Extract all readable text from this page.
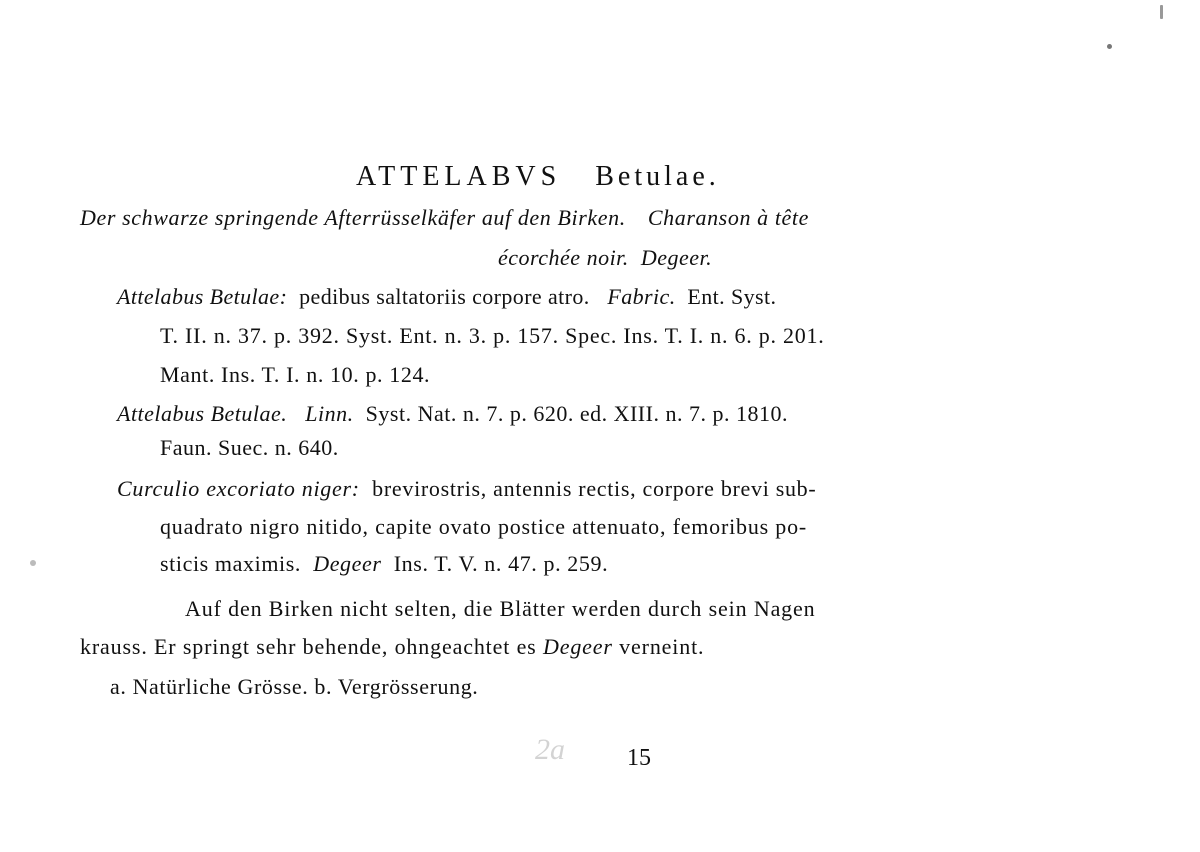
ATTELABVS Betulae.
Der schwarze springende Afterrüsselkäfer auf den Birken. Charanson à tête
écorchée noir. Degeer.
Attelabus Betulae: pedibus saltatoriis corpore atro. Fabric. Ent. Syst.
T. II. n. 37. p. 392. Syst. Ent. n. 3. p. 157. Spec. Ins. T. I. n. 6. p. 201.
Mant. Ins. T. I. n. 10. p. 124.
Attelabus Betulae. Linn. Syst. Nat. n. 7. p. 620. ed. XIII. n. 7. p. 1810.
Faun. Suec. n. 640.
Curculio excoriato niger: brevirostris, antennis rectis, corpore brevi sub-
quadrato nigro nitido, capite ovato postice attenuato, femoribus po-
sticis maximis. Degeer Ins. T. V. n. 47. p. 259.
Auf den Birken nicht selten, die Blätter werden durch sein Nagen
krauss. Er springt sehr behende, ohngeachtet es Degeer verneint.
a. Natürliche Grösse. b. Vergrösserung.
2a	15
